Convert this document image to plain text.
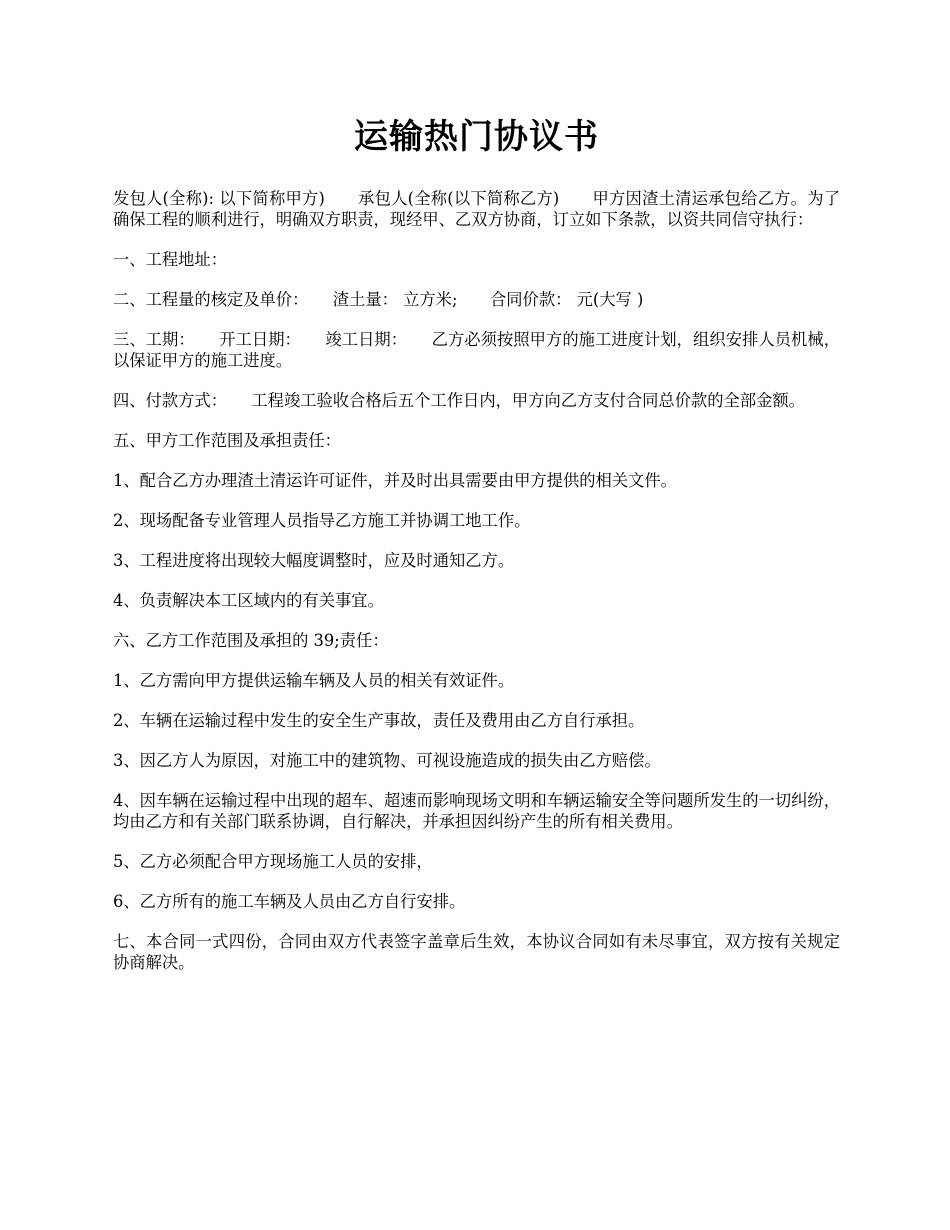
运输热门协议书

发包人(全称): 以下简称甲方)　　承包人(全称(以下简称乙方)　　甲方因渣土清运承包给乙方。为了确保工程的顺利进行，明确双方职责，现经甲、乙双方协商，订立如下条款，以资共同信守执行：

一、工程地址：

二、工程量的核定及单价：　　渣土量： 立方米;　　合同价款： 元(大写 )

三、工期：　　开工日期：　　竣工日期：　　乙方必须按照甲方的施工进度计划，组织安排人员机械，以保证甲方的施工进度。

四、付款方式：　　工程竣工验收合格后五个工作日内，甲方向乙方支付合同总价款的全部金额。

五、甲方工作范围及承担责任：

1、配合乙方办理渣土清运许可证件，并及时出具需要由甲方提供的相关文件。

2、现场配备专业管理人员指导乙方施工并协调工地工作。

3、工程进度将出现较大幅度调整时，应及时通知乙方。

4、负责解决本工区域内的有关事宜。

六、乙方工作范围及承担的 39;责任：

1、乙方需向甲方提供运输车辆及人员的相关有效证件。

2、车辆在运输过程中发生的安全生产事故，责任及费用由乙方自行承担。

3、因乙方人为原因，对施工中的建筑物、可视设施造成的损失由乙方赔偿。

4、因车辆在运输过程中出现的超车、超速而影响现场文明和车辆运输安全等问题所发生的一切纠纷，均由乙方和有关部门联系协调，自行解决，并承担因纠纷产生的所有相关费用。

5、乙方必须配合甲方现场施工人员的安排，

6、乙方所有的施工车辆及人员由乙方自行安排。

七、本合同一式四份，合同由双方代表签字盖章后生效，本协议合同如有未尽事宜，双方按有关规定协商解决。
